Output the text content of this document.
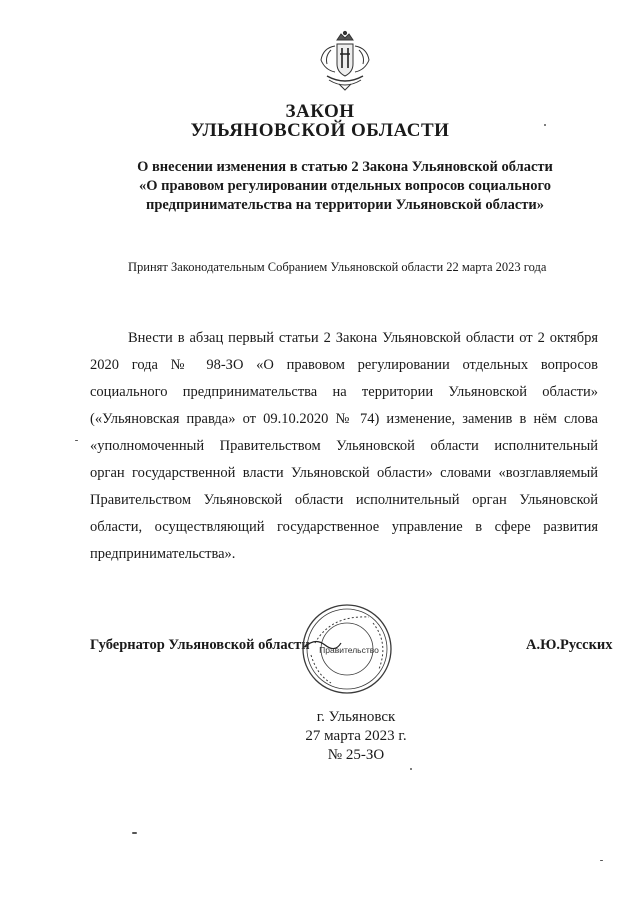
ЗАКОН
УЛЬЯНОВСКОЙ ОБЛАСТИ
О внесении изменения в статью 2 Закона Ульяновской области
«О правовом регулировании отдельных вопросов социального
предпринимательства на территории Ульяновской области»
Принят Законодательным Собранием Ульяновской области 22 марта 2023 года
Внести в абзац первый статьи 2 Закона Ульяновской области от 2 октября
2020 года № 98-ЗО «О правовом регулировании отдельных вопросов
социального предпринимательства на территории Ульяновской области»
(«Ульяновская правда» от 09.10.2020 № 74) изменение, заменив в нём слова
«уполномоченный Правительством Ульяновской области исполнительный
орган государственной власти Ульяновской области» словами «возглавляемый
Правительством Ульяновской области исполнительный орган Ульяновской
области, осуществляющий государственное управление в сфере развития
предпринимательства».
Губернатор Ульяновской области	А.Ю.Русских
Правительство
г. Ульяновск
27 марта 2023 г.
№ 25-ЗО
